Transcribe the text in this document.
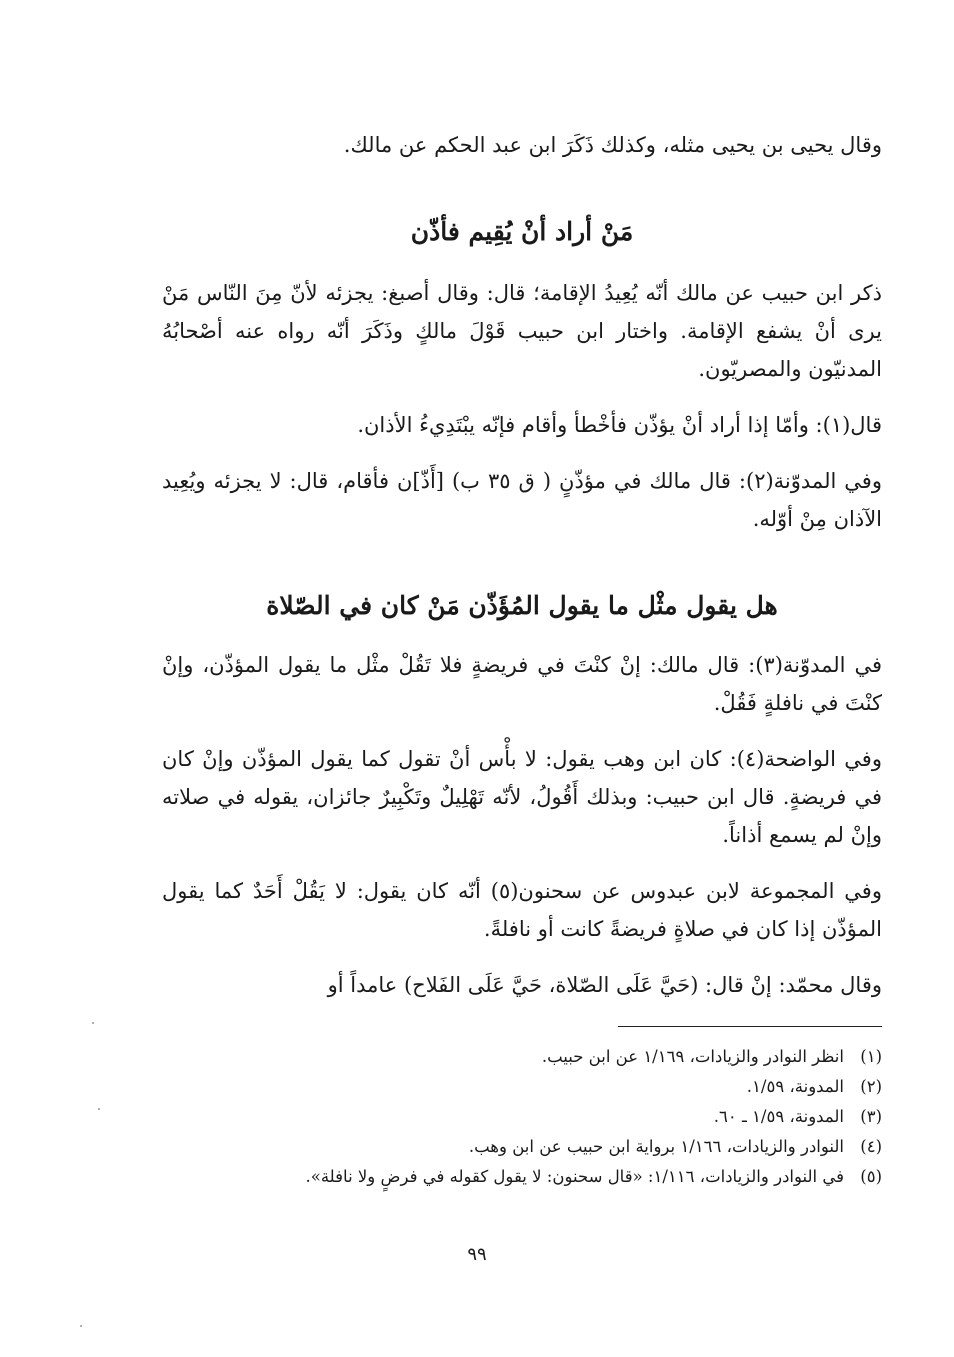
وقال يحيى بن يحيى مثله، وكذلك ذَكَرَ ابن عبد الحكم عن مالك.

مَنْ أراد أنْ يُقِيم فأذّن

ذكر ابن حبيب عن مالك أنّه يُعِيدُ الإقامة؛ قال: وقال أصبغ: يجزئه لأنّ مِنَ النّاس مَنْ يرى أنْ يشفع الإقامة. واختار ابن حبيب قَوْلَ مالكٍ وذَكَرَ أنّه رواه عنه أصْحابُهُ المدنيّون والمصريّون.

قال(١): وأمّا إذا أراد أنْ يؤذّن فأخْطأ وأقام فإنّه يبْتَدِيءُ الأذان.

وفي المدوّنة(٢): قال مالك في مؤذّنٍ ( ق ٣٥ ب) [أَذّ]ن فأقام، قال: لا يجزئه ويُعِيد الآذان مِنْ أوّله.

هل يقول مثْل ما يقول المُؤَذّن مَنْ كان في الصّلاة

في المدوّنة(٣): قال مالك: إنْ كنْتَ في فريضةٍ فلا تَقُلْ مثْل ما يقول المؤذّن، وإنْ كنْتَ في نافلةٍ فَقُلْ.

وفي الواضحة(٤): كان ابن وهب يقول: لا بأْس أنْ تقول كما يقول المؤذّن وإنْ كان في فريضةٍ. قال ابن حبيب: وبذلك أَقُولُ، لأنّه تَهْلِيلٌ وتَكْبِيرٌ جائزان، يقوله في صلاته وإنْ لم يسمع أذاناً.

وفي المجموعة لابن عبدوس عن سحنون(٥) أنّه كان يقول: لا يَقُلْ أَحَدٌ كما يقول المؤذّن إذا كان في صلاةٍ فريضةً كانت أو نافلةً.

وقال محمّد: إنْ قال: (حَيَّ عَلَى الصّلاة، حَيَّ عَلَى الفَلاح) عامداً أو

(١)
انظر النوادر والزيادات، ١/١٦٩ عن ابن حبيب.
(٢)
المدونة، ١/٥٩.
(٣)
المدونة، ١/٥٩ ـ ٦٠.
(٤)
النوادر والزيادات، ١/١٦٦ برواية ابن حبيب عن ابن وهب.
(٥)
في النوادر والزيادات، ١/١١٦: «قال سحنون: لا يقول كقوله في فرضٍ ولا نافلة».
٩٩
